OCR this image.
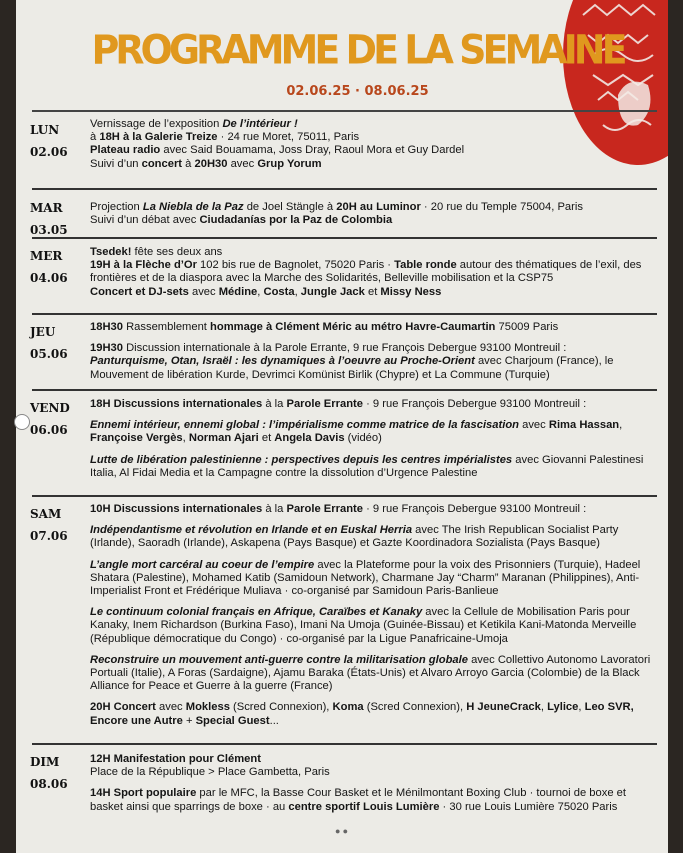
PROGRAMME DE LA SEMAINE
02.06.25 · 08.06.25
LUN
02.06

Vernissage de l’exposition De l’intérieur !

à 18H à la Galerie Treize · 24 rue Moret, 75011, Paris

Plateau radio avec Said Bouamama, Joss Dray, Raoul Mora et Guy Dardel

Suivi d’un concert à 20H30 avec Grup Yorum

MAR
03.05

Projection La Niebla de la Paz de Joel Stängle à 20H au Luminor · 20 rue du Temple 75004, Paris

Suivi d’un débat avec Ciudadanías por la Paz de Colombia

MER
04.06

Tsedek! fête ses deux ans

19H à la Flèche d’Or 102 bis rue de Bagnolet, 75020 Paris · Table ronde autour des thématiques de l’exil, des frontières et de la diaspora avec la Marche des Solidarités, Belleville mobilisation et la CSP75

Concert et DJ-sets avec Médine, Costa, Jungle Jack et Missy Ness

JEU
05.06

18H30 Rassemblement hommage à Clément Méric au métro Havre-Caumartin 75009 Paris

19H30 Discussion internationale à la Parole Errante, 9 rue François Debergue 93100 Montreuil :

Panturquisme, Otan, Israël : les dynamiques à l’oeuvre au Proche-Orient avec Charjoum (France), le Mouvement de libération Kurde, Devrimci Komünist Birlik (Chypre) et La Commune (Turquie)

VEND
06.06

18H Discussions internationales à la Parole Errante · 9 rue François Debergue 93100 Montreuil :

Ennemi intérieur, ennemi global : l’impérialisme comme matrice de la fascisation avec Rima Hassan, Françoise Vergès, Norman Ajari et Angela Davis (vidéo)

Lutte de libération palestinienne : perspectives depuis les centres impérialistes avec Giovanni Palestinesi Italia, Al Fidai Media et la Campagne contre la dissolution d’Urgence Palestine

SAM
07.06

10H Discussions internationales à la Parole Errante · 9 rue François Debergue 93100 Montreuil :

Indépendantisme et révolution en Irlande et en Euskal Herria avec The Irish Republican Socialist Party (Irlande), Saoradh (Irlande), Askapena (Pays Basque) et Gazte Koordinadora Sozialista (Pays Basque)

L’angle mort carcéral au coeur de l’empire avec la Plateforme pour la voix des Prisonniers (Turquie), Hadeel Shatara (Palestine), Mohamed Katib (Samidoun Network), Charmane Jay “Charm” Maranan (Philippines), Anti-Imperialist Front et Frédérique Muliava · co-organisé par Samidoun Paris-Banlieue

Le continuum colonial français en Afrique, Caraïbes et Kanaky avec la Cellule de Mobilisation Paris pour Kanaky, Inem Richardson (Burkina Faso), Imani Na Umoja (Guinée-Bissau) et Ketikila Kani-Matonda Merveille (République démocratique du Congo) · co-organisé par la Ligue Panafricaine-Umoja

Reconstruire un mouvement anti-guerre contre la militarisation globale avec Collettivo Autonomo Lavoratori Portuali (Italie), A Foras (Sardaigne), Ajamu Baraka (États-Unis) et Alvaro Arroyo Garcia (Colombie) de la Black Alliance for Peace et Guerre à la guerre (France)

20H Concert avec Mokless (Scred Connexion), Koma (Scred Connexion), H JeuneCrack, Lylice, Leo SVR, Encore une Autre + Special Guest...

DIM
08.06

12H Manifestation pour Clément

Place de la République > Place Gambetta, Paris

14H Sport populaire par le MFC, la Basse Cour Basket et le Ménilmontant Boxing Club · tournoi de boxe et basket ainsi que sparrings de boxe · au centre sportif Louis Lumière · 30 rue Louis Lumière 75020 Paris

● ●
